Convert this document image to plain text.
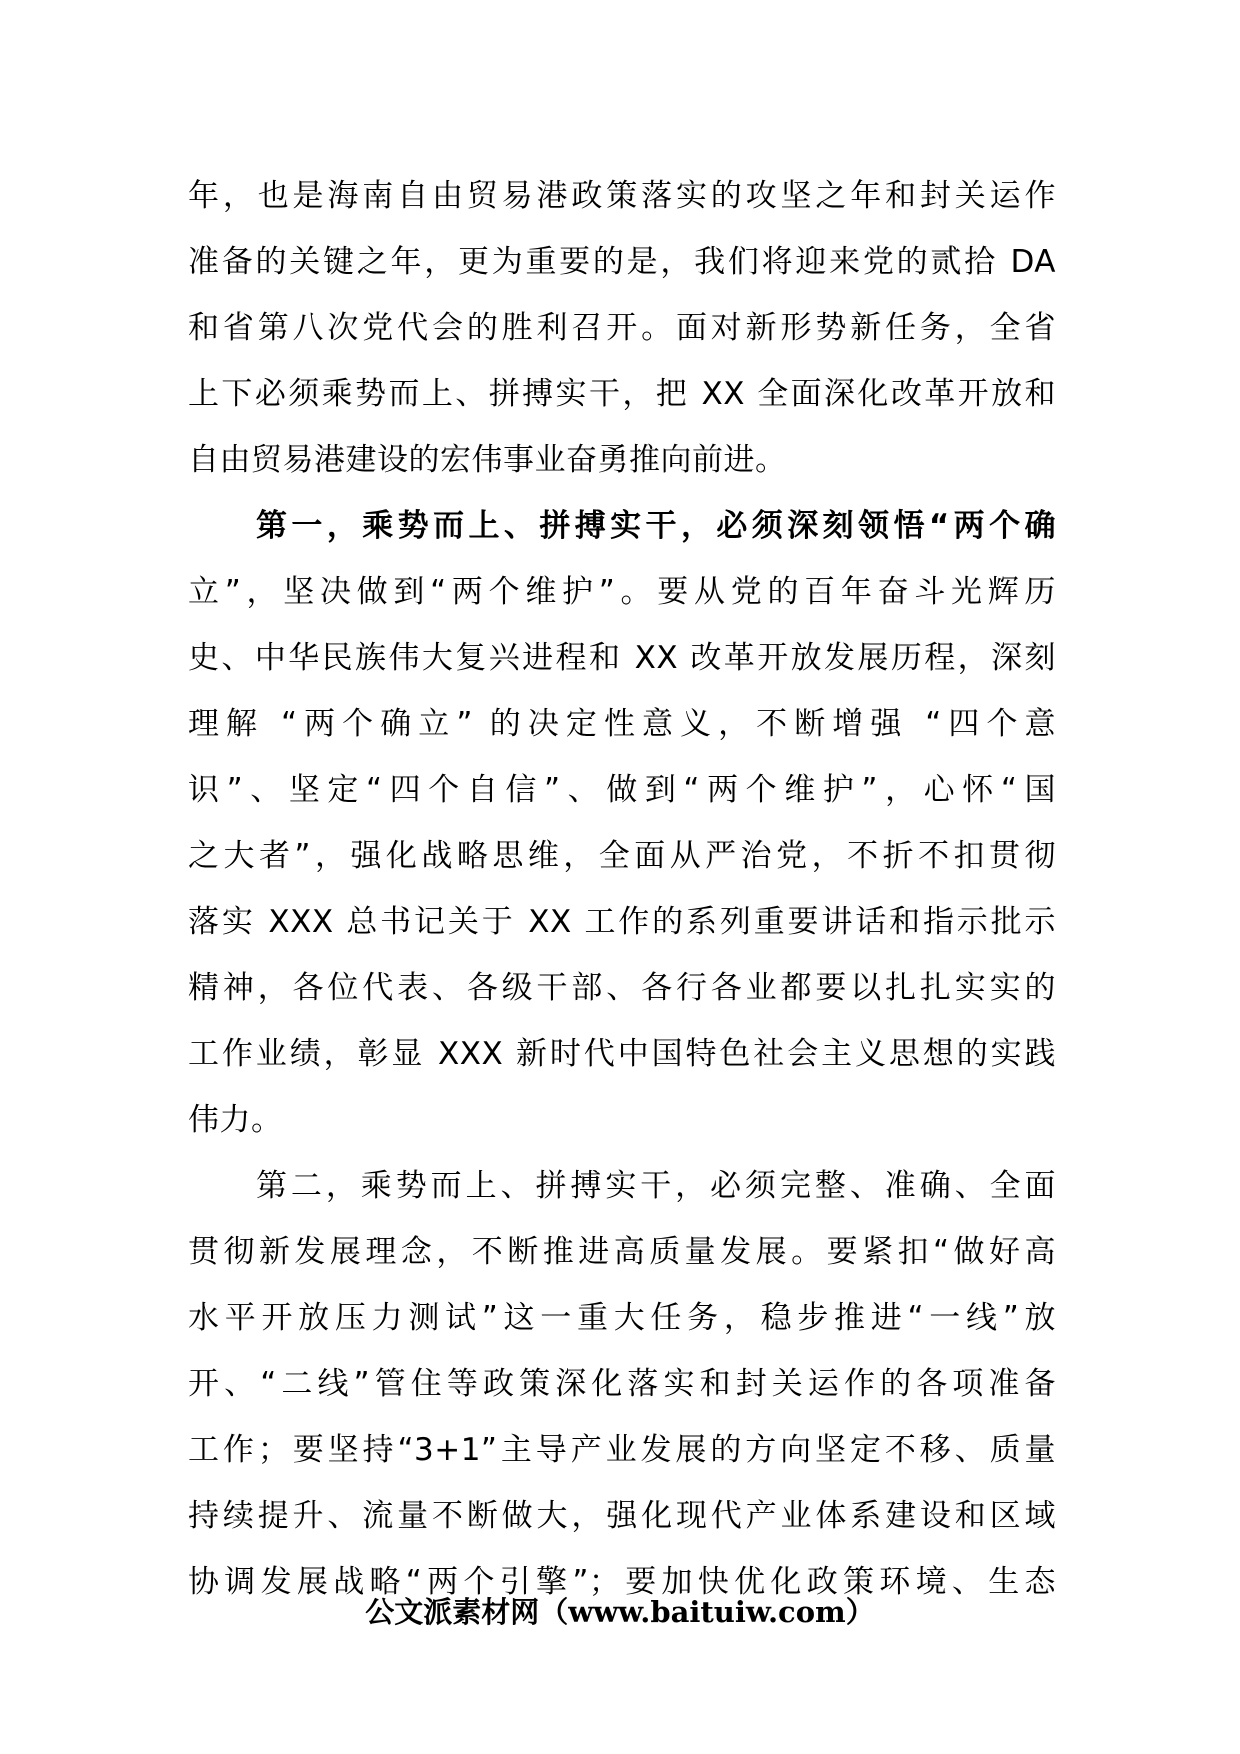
年，也是海南自由贸易港政策落实的攻坚之年和封关运作
准备的关键之年，更为重要的是，我们将迎来党的贰拾 DA
和省第八次党代会的胜利召开。面对新形势新任务，全省
上下必须乘势而上、拼搏实干，把 XX 全面深化改革开放和
自由贸易港建设的宏伟事业奋勇推向前进。
第一，乘势而上、拼搏实干，必须深刻领悟“两个确
立”，坚决做到“两个维护”。要从党的百年奋斗光辉历
史、中华民族伟大复兴进程和 XX 改革开放发展历程，深刻
理解 “两个确立” 的决定性意义，不断增强 “四个意
识”、坚定“四个自信”、做到“两个维护”，心怀“国
之大者”，强化战略思维，全面从严治党，不折不扣贯彻
落实 XXX 总书记关于 XX 工作的系列重要讲话和指示批示
精神，各位代表、各级干部、各行各业都要以扎扎实实的
工作业绩，彰显 XXX 新时代中国特色社会主义思想的实践
伟力。
第二，乘势而上、拼搏实干，必须完整、准确、全面
贯彻新发展理念，不断推进高质量发展。要紧扣“做好高
水平开放压力测试”这一重大任务，稳步推进“一线”放
开、“二线”管住等政策深化落实和封关运作的各项准备
工作；要坚持“3+1”主导产业发展的方向坚定不移、质量
持续提升、流量不断做大，强化现代产业体系建设和区域
协调发展战略“两个引擎”；要加快优化政策环境、生态
公文派素材网（www.baituiw.com）
